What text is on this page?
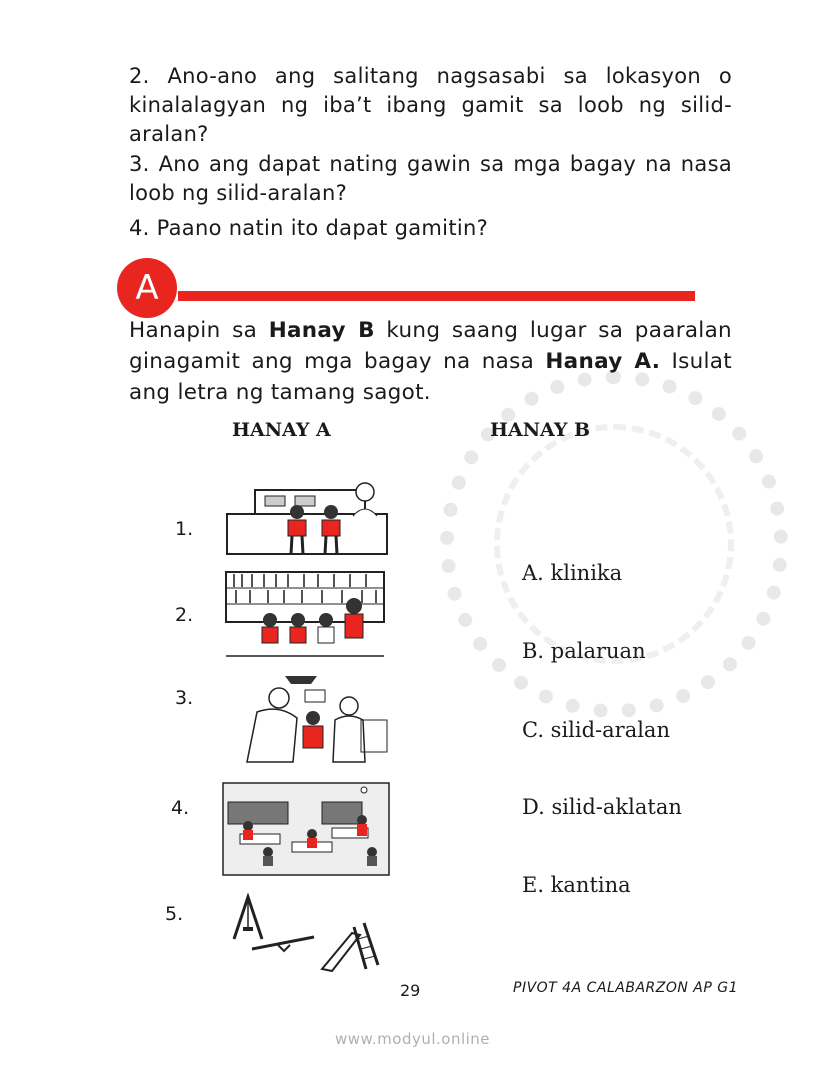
2. Ano-ano ang salitang nagsasabi sa lokasyon o kinalalagyan ng iba’t ibang gamit sa loob ng silid-aralan?
3. Ano ang dapat nating gawin sa mga bagay na nasa loob ng silid-aralan?
4. Paano natin ito dapat gamitin?
A
Hanapin sa Hanay B kung saang lugar sa paaralan ginagamit ang mga bagay na nasa Hanay A. Isulat ang letra ng tamang sagot.
HANAY A	HANAY B
1.
2.
3.
4.
5.
A. klinika
B. palaruan
C. silid-aralan
D. silid-aklatan
E. kantina
29	PIVOT 4A CALABARZON AP G1
www.modyul.online
